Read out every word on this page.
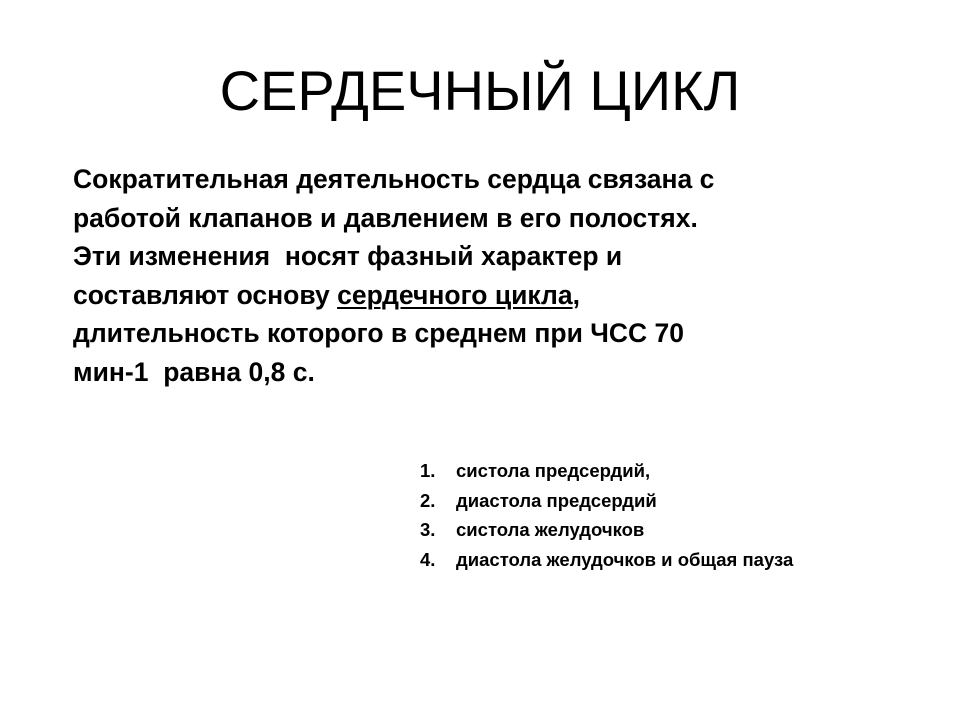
СЕРДЕЧНЫЙ ЦИКЛ
Сократительная деятельность сердца связана с
работой клапанов и давлением в его полостях.
Эти изменения  носят фазный характер и
составляют основу сердечного цикла,
длительность которого в среднем при ЧСС 70
мин-1  равна 0,8 с.
1.	систола предсердий,
2.	диастола предсердий
3.	систола желудочков
4.	диастола желудочков и общая пауза
